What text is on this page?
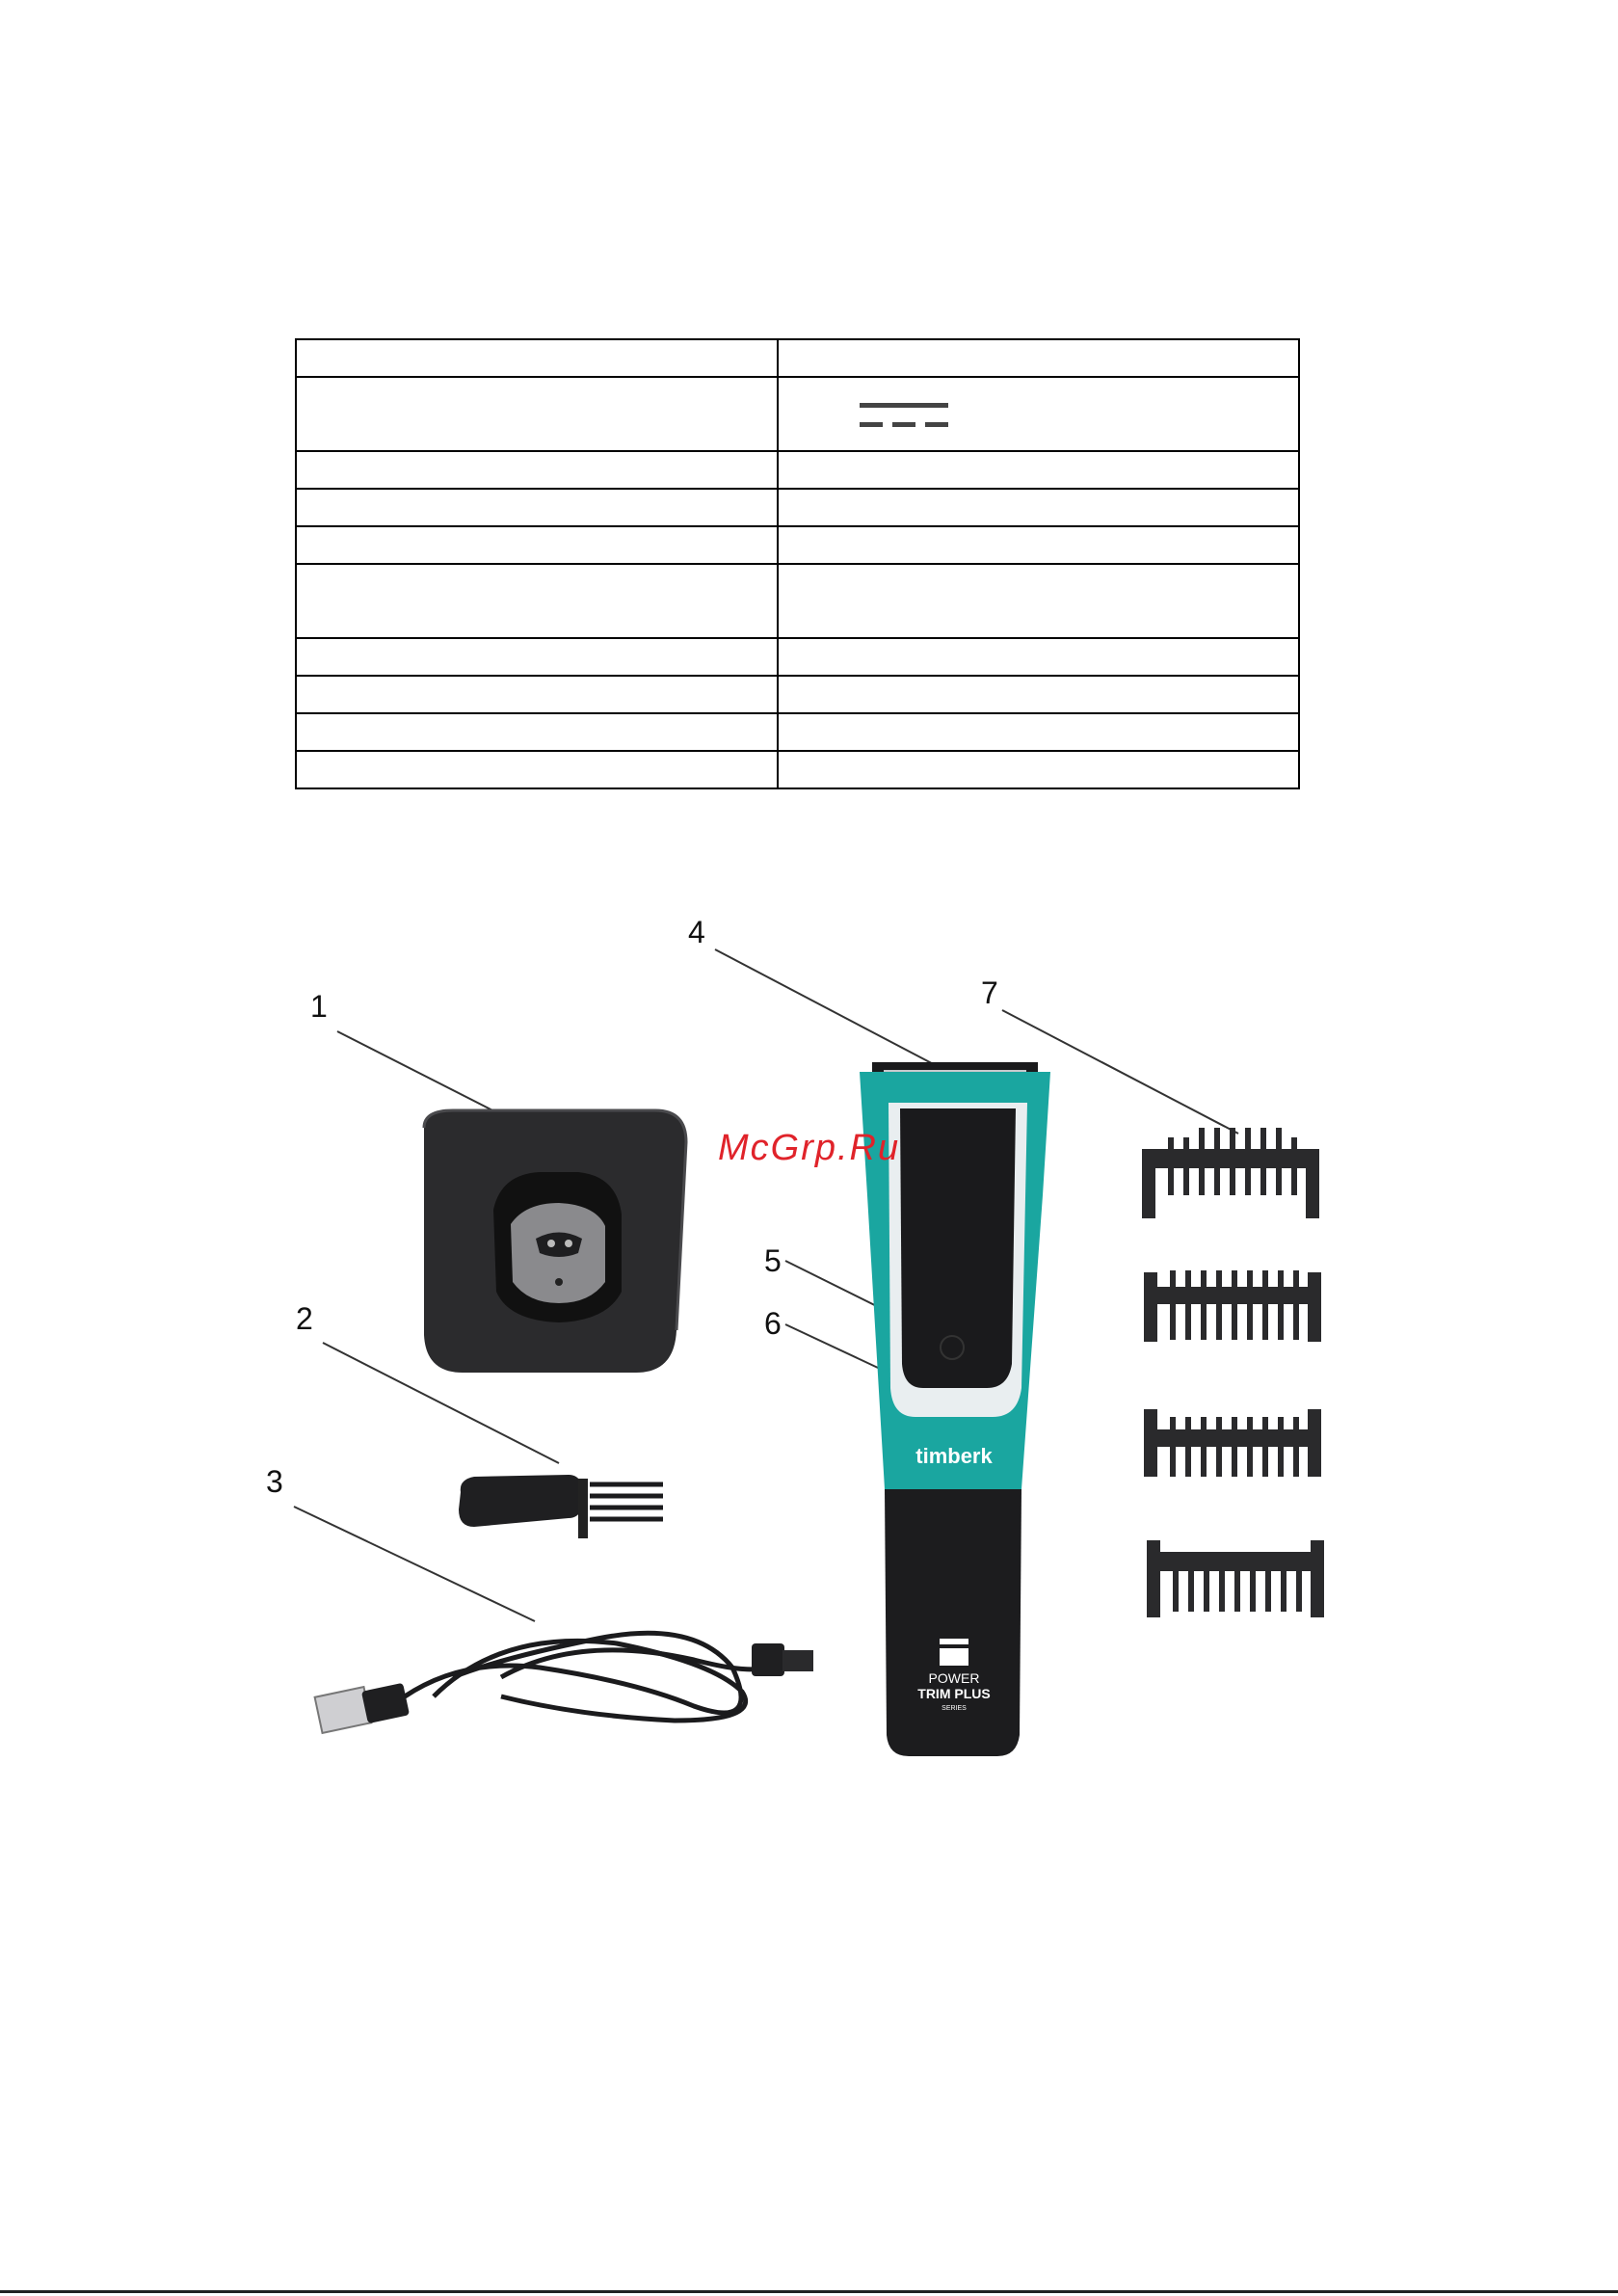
1
2
3
4
5
6
7
timberk
POWER
TRIM PLUS
SERIES
McGrp.Ru
